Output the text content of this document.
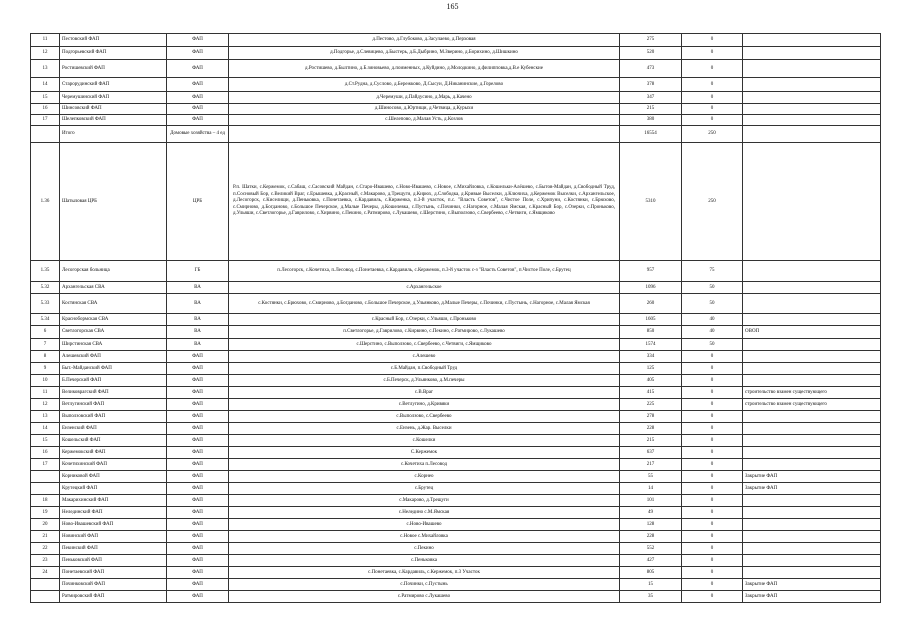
165
11	Пестовский ФАП	ФАП	д.Пестово, д.Глубоково, д.Засулаево, д.Перховая	275	0	
12	Подгорьевский ФАП	ФАП	д.Подгорье, д.Слевицево, д.Быстерь, д.Б.Дыбрино, М.Зверино, д.Борихино, д.Шишкино	520	0	
13	Ростишевский ФАП	ФАП	д.Ростишево, д.Былтино, д.Б.зиновьево, д.поименных, д.Куйдино, д.Молодкино, д.филипповка,д.В.е Кубенские	473	0	
14	Старорудинский ФАП	ФАП	д.Ст.Рудна, д.Суслово, д.Бережково, Д.Сысуи, Д.Никанинские, д.Горелово	378	0	
15	Черемушинский ФАП	ФАП	д.Черемуши, д.Пайдусино, д.Марь, д.Качено	347	0	
16	Шинсовский ФАП	ФАП	д.Шиносово, д.Юртищи, д.Четвица, д.Курыхи	215	0	
17	Шелепковский ФАП	ФАП	с.Шелепово, д.Малая Усть, д.Козлов	380	0	
	Итого	Домовые хозяйства – 4 ед		16554	250	
1.36	Шатыловая ЦРБ	ЦРБ	Р.п. Шатки, с.Кержемок, с.Сабаш, с.Сасовский Майдан, с.Старо-Ивашево, с.Ново-Ивашево, с.Новое, с.Михайловка, с.Кошельки-Алёшево, с.Бытов-Майдан, д.Свободный Труд, п.Сосновый Бор, с.Великий Враг, с.Ерышевка, д.Красный, с.Макарово, д.Трещуги, д.Кирюх, д.Слободка, д.Кривые Выселки, д.Ключиха, д.Кержемок Выселки, с.Архангельское, д.Лесогорск, с.Киселищи, д.Пеньковка, с.Понетаевка, с.Кардавиль, с.Кирженка, п.3-й участок, п.с. "Власть Советов", с.Чистое Поле, с.Хрипуни, с.Костянки, с.Брюхово, с.Смирново, д.Богданово, с.Большое Печерское, д.Малые Печеры, д.Кошелевка, с.Пустынь, с.Починки, с.Нагорное, с.Малая Ямская, с.Красный Бор, с.Озерки, с.Проньково, д.Ульяши, с.Светлогорье, д.Гаврилово, с.Хирвино, с.Пекино, с.Ратмирово, с.Лукашево, с.Шерстино, с.Выползово, с.Свербеево, с.Четвиги, с.Ямщиково	5310	250	
1.35	Лесогорская больница	ГБ	п.Лесогорск, с.Кочетиха, п.Лесовод, с.Понетаевка, с.Кардавиль, с.Кержемок, п.3-й участок с-з "Власть Советов", п.Чистое Поле, с.Брутец	957	75	
5.32	Архангельская СВА	ВА	с.Архангельское	1096	50	
5.33	Костянская СВА	ВА	с.Костянки, с.Брюхово, с.Смирново, д.Богданово, с.Большое Печерское, д.Ульянково, д.Малые Печеры, с.Починки, с.Пустынь, с.Нагорное, с.Малая Ямская	260	50	
5.34	Краснобормская СВА	ВА	с.Красный Бор, с.Озерки, с.Ульяши, с.Проньково	1605	40	
6	Светлогорская СВА	ВА	п.Светлогорье, д.Гаврилово, с.Кирвино, с.Пекино, с.Ратмирово, с.Лукашево	850	40	ОВОП
7	Ширстинская СВА	ВА	с.Шерстино, с.Выползово, с.Свербеево, с.Четвиги, с.Ямщиково	1574	50	
8	Алешевский ФАП	ФАП	с.Алешево	334	0	
9	Быт.-Майданский ФАП	ФАП	с.Б.Майдан, п.Свободный Труд	125	0	
10	Б.Печерский ФАП	ФАП	с.Б.Печерск, д.Ульянково, д.М.печеры	405	0	
11	Великоврагский ФАП	ФАП	с.В.Враг	415	0	строительство взамен существующего
12	Ветлугинский ФАП	ФАП	с.Ветлугино, д.Кривяки	225	0	строительство взамен существующего
13	Выползовский ФАП	ФАП	с.Выползово, с.Свербеево	278	0	
14	Ензенский ФАП	ФАП	с.Ензень, д.Жар. Выселки	228	0	
15	Кошельский ФАП	ФАП	с.Кошелки	215	0	
16	Кержемокский ФАП	ФАП	С.Кержемок	637	0	
17	Кочетихинский ФАП	ФАП	с.Кочетиха п.Лесовод	217	0	
	Корниковой ФАП	ФАП	с.Корнео	55	0	Закрытие ФАП
	Крутецкий ФАП	ФАП	с.Брутец	14	0	Закрытие ФАП
18	Макарихинский ФАП	ФАП	с.Макарово, д.Трещуги	101	0	
19	Нелединский ФАП	ФАП	с.Неледино с.М.Ямская	49	0	
20	Ново-Ивашевский ФАП	ФАП	с.Ново-Ивашево	128	0	
21	Новинский ФАП	ФАП	с.Новое с.Михайловка	228	0	
22	Пекинский ФАП	ФАП	с.Пекино	552	0	
23	Пеньковский ФАП	ФАП	с.Пеньковка	427	0	
24	Понетаевский ФАП	ФАП	с.Понетаевка, с.Кардавиль, с.Кержемок, п.3 Участок	805	0	
	Починковский ФАП	ФАП	с.Починки, с.Пустынь	15	0	Закрытие ФАП
	Ратмировский ФАП	ФАП	с.Ратмирово с.Лукашево	35	0	Закрытие ФАП
